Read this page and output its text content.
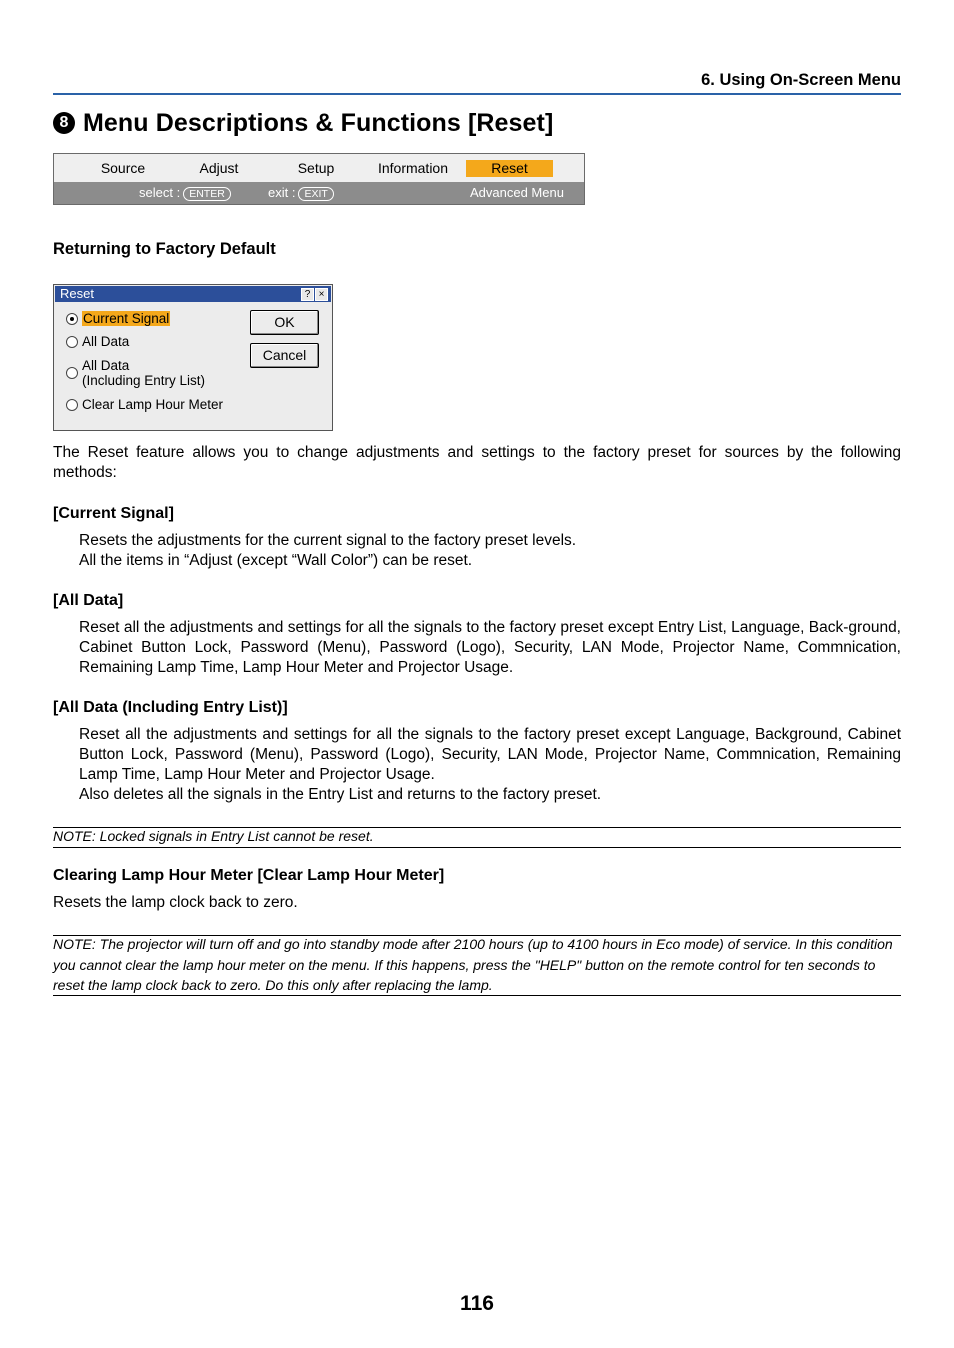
6. Using On-Screen Menu
8 Menu Descriptions & Functions [Reset]
Source	Adjust	Setup	Information	Reset
select : ENTER	exit : EXIT	Advanced Menu
Returning to Factory Default
Reset	? ×
Current Signal
All Data
All Data
(Including Entry List)
Clear Lamp Hour Meter
OK
Cancel
The Reset feature allows you to change adjustments and settings to the factory preset for sources by the following methods:
[Current Signal]
Resets the adjustments for the current signal to the factory preset levels.
All the items in “Adjust (except “Wall Color”) can be reset.
[All Data]
Reset all the adjustments and settings for all the signals to the factory preset except Entry List, Language, Back-ground, Cabinet Button Lock, Password (Menu), Password (Logo), Security, LAN Mode, Projector Name, Commnication, Remaining Lamp Time, Lamp Hour Meter and Projector Usage.
[All Data (Including Entry List)]
Reset all the adjustments and settings for all the signals to the factory preset except Language, Background, Cabinet Button Lock, Password (Menu), Password (Logo), Security, LAN Mode, Projector Name, Commnication, Remaining Lamp Time, Lamp Hour Meter and Projector Usage.
Also deletes all the signals in the Entry List and returns to the factory preset.
NOTE: Locked signals in Entry List cannot be reset.
Clearing Lamp Hour Meter [Clear Lamp Hour Meter]
Resets the lamp clock back to zero.
NOTE: The projector will turn off and go into standby mode after 2100 hours (up to 4100 hours in Eco mode) of service. In this condition you cannot clear the lamp hour meter on the menu. If this happens, press the "HELP" button on the remote control for ten seconds to reset the lamp clock back to zero. Do this only after replacing the lamp.
116
